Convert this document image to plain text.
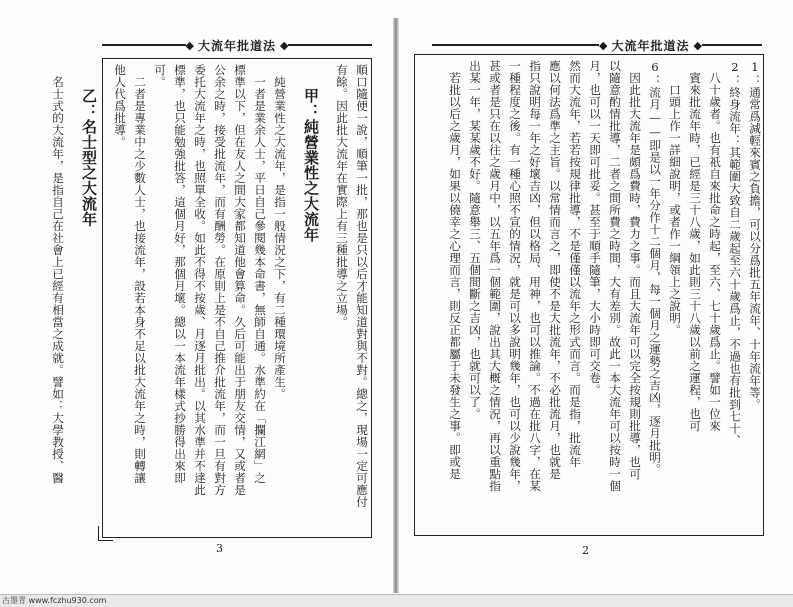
◆ 大流年批道法 ◆
順口隨便一說，順筆一批，那也是只以后才能知道對與不對。總之，現場一定可應付
有餘。因此批大流年在實際上有三種批導之立場。
甲：純營業性之大流年
純營業性之大流年，是指一般情況之下，有二種環境所產生。
一者是業余人士，平日自己參閱幾本命書，無師自通。水準約在「攔江網」之
標準以下，但在友人之間大家都知道他會算命。久后可能出于朋友交情，又或者是
公余之時，接受批流年，而有酬勞。在原則上是不自己推介批流年，而一旦有對方
委托大流年之時，也照單全收。如此不得不按歲、月逐月批出。以其水準并不達此
標準，也只能勉強批答，這個月好，那個月壞。總以一本流年樣式抄勝得出來即
可。
二者是專業中之少數人士，也接流年，設若本身不足以批大流年之時，則轉讓
他人代爲批導。
乙：名士型之大流年
名士式的大流年，是指自己在社會上已經有相當之成就。譬如：大學教授、醫
3
◆ 大流年批道法 ◆
1：通常爲減輕來賓之負擔，可以分爲批五年流年、十年流年等。
2：終身流年：其範圍大致自二歲起至六十歲爲止，不過也有批到七十、
八十歲者。也有祇自來批命之時起，至六、七十歲爲止。譬如一位來
賓來批流年時，已經是三十八歲，如此則三十八歲以前之運程，也可
口頭上作一詳細說明，或者作一綱領上之說明。
6：流月——即是以一年分作十二個月，每一個月之運勢之吉凶，逐月批明。
因此批大流年是頗爲費時，費力之事。而且大流年可以完全按規則批導，也可
以隨意酌情批導，二者之間所費之時間，大有差別。故此一本大流年可以按時一個
月，也可以一天即可批妥。甚至于順手隨筆，大小時即可交卷。
然而大流年，若若按規律批導，不是僅僅以流年之形式而言。而是指，批流年
應以何法爲準之主旨。以常情而言之，即使不是大批流年，不必批流月，也就是
指只說明每一年之好壞吉凶，但以格局、用神，也可以推論。不過在批八字，在某
一種程度之後。有一種心照不宣的情況，就是可以多說明幾年，也可以少說幾年，
甚或者是只在以往之歲月中，以五年爲一個範圍，說出其大概之情況，再以重點指
出某一年，某某歲不好。隨意舉三、五個間斷之吉凶，也就可以了。
若批以后之歲月，如果以僥幸之心理而言，則反正都屬于未發生之事。即或是
2
古墨青 www.fczhu930.com
